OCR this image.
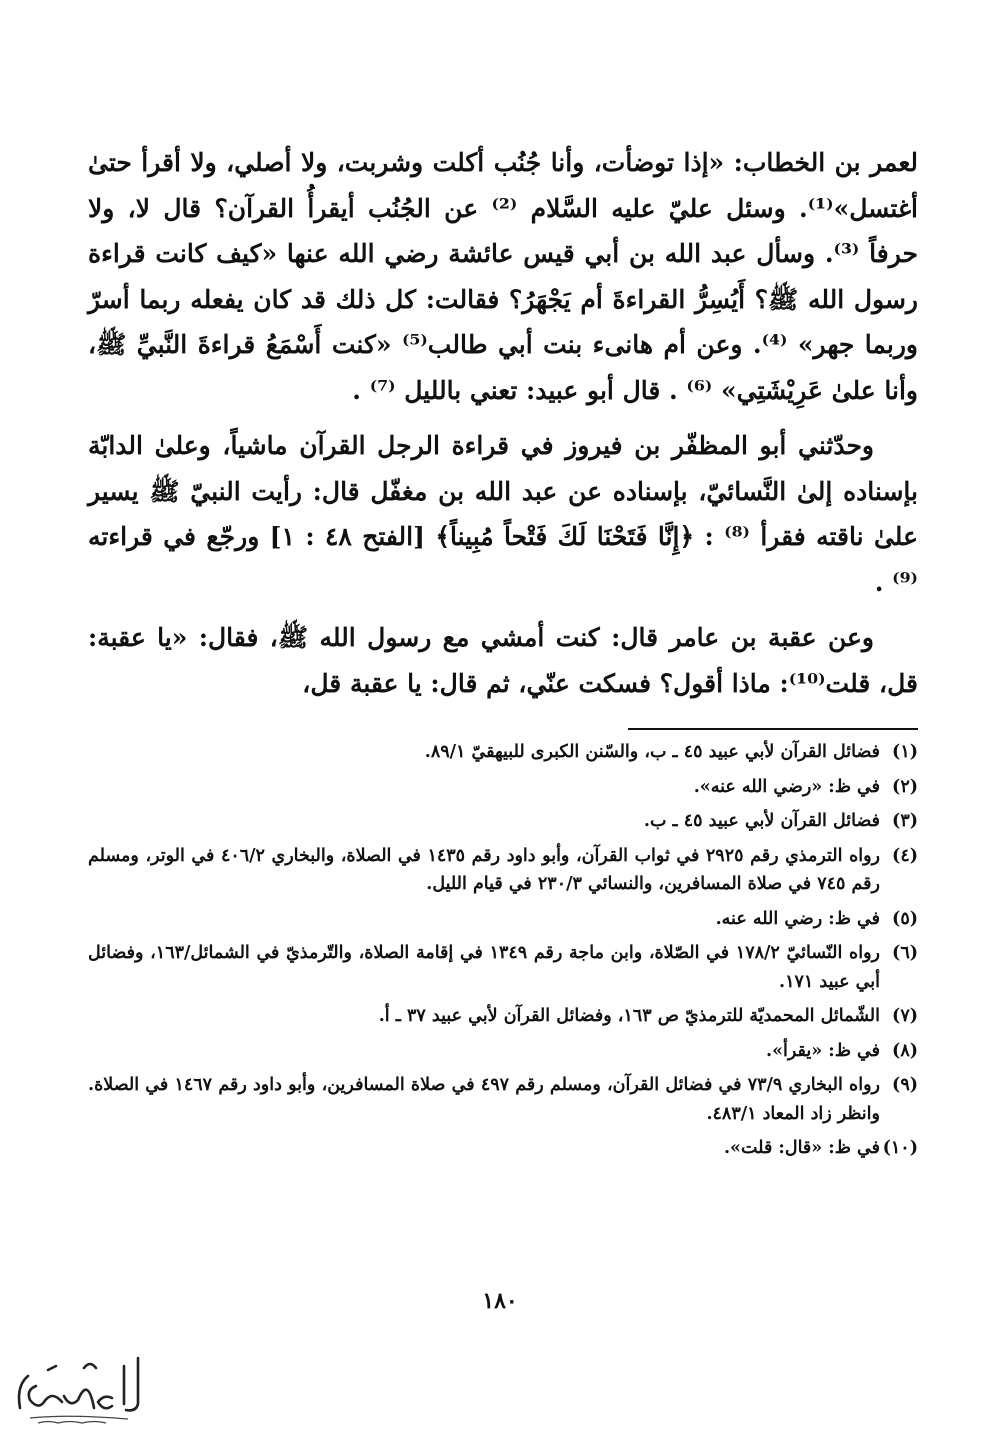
لعمر بن الخطاب: «إذا توضأت، وأنا جُنُب أكلت وشربت، ولا أصلي، ولا أقرأ حتىٰ أغتسل»⁽¹⁾. وسئل عليّ عليه السَّلام ⁽²⁾ عن الجُنُب أيقرأُ القرآن؟ قال لا، ولا حرفاً ⁽³⁾. وسأل عبد الله بن أبي قيس عائشة رضي الله عنها «كيف كانت قراءة رسول الله ﷺ؟ أَيُسِرُّ القراءةَ أم يَجْهَرُ؟ فقالت: كل ذلك قد كان يفعله ربما أسرّ وربما جهر» ⁽⁴⁾. وعن أم هانىء بنت أبي طالب⁽⁵⁾ «كنت أَسْمَعُ قراءةَ النَّبيِّ ﷺ، وأنا علىٰ عَرِيْشَتِي» ⁽⁶⁾ . قال أبو عبيد: تعني بالليل ⁽⁷⁾ .

وحدّثني أبو المظفّر بن فيروز في قراءة الرجل القرآن ماشياً، وعلىٰ الدابّة بإسناده إلىٰ النَّسائيّ، بإسناده عن عبد الله بن مغفّل قال: رأيت النبيّ ﷺ يسير علىٰ ناقته فقرأ ⁽⁸⁾ : ﴿إِنَّا فَتَحْنَا لَكَ فَتْحاً مُبِيناً﴾ [الفتح ٤٨ : ١] ورجّع في قراءته ⁽⁹⁾ .

وعن عقبة بن عامر قال: كنت أمشي مع رسول الله ﷺ، فقال: «يا عقبة: قل، قلت⁽¹⁰⁾: ماذا أقول؟ فسكت عنّي، ثم قال: يا عقبة قل،

(١)
فضائل القرآن لأبي عبيد ٤٥ ـ ب، والسّنن الكبرى للبيهقيّ ٨٩/١.
(٢)
في ظ: «رضي الله عنه».
(٣)
فضائل القرآن لأبي عبيد ٤٥ ـ ب.
(٤)
رواه الترمذي رقم ٢٩٢٥ في ثواب القرآن، وأبو داود رقم ١٤٣٥ في الصلاة، والبخاري ٤٠٦/٢ في الوتر، ومسلم رقم ٧٤٥ في صلاة المسافرين، والنسائي ٢٣٠/٣ في قيام الليل.
(٥)
في ظ: رضي الله عنه.
(٦)
رواه النّسائيّ ١٧٨/٢ في الصّلاة، وابن ماجة رقم ١٣٤٩ في إقامة الصلاة، والتّرمذيّ في الشمائل/١٦٣، وفضائل أبي عبيد ١٧١.
(٧)
الشّمائل المحمديّة للترمذيّ ص ١٦٣، وفضائل القرآن لأبي عبيد ٣٧ ـ أ.
(٨)
في ظ: «يقرأ».
(٩)
رواه البخاري ٧٣/٩ في فضائل القرآن، ومسلم رقم ٤٩٧ في صلاة المسافرين، وأبو داود رقم ١٤٦٧ في الصلاة. وانظر زاد المعاد ٤٨٣/١.
(١٠)
في ظ: «قال: قلت».
١٨٠
